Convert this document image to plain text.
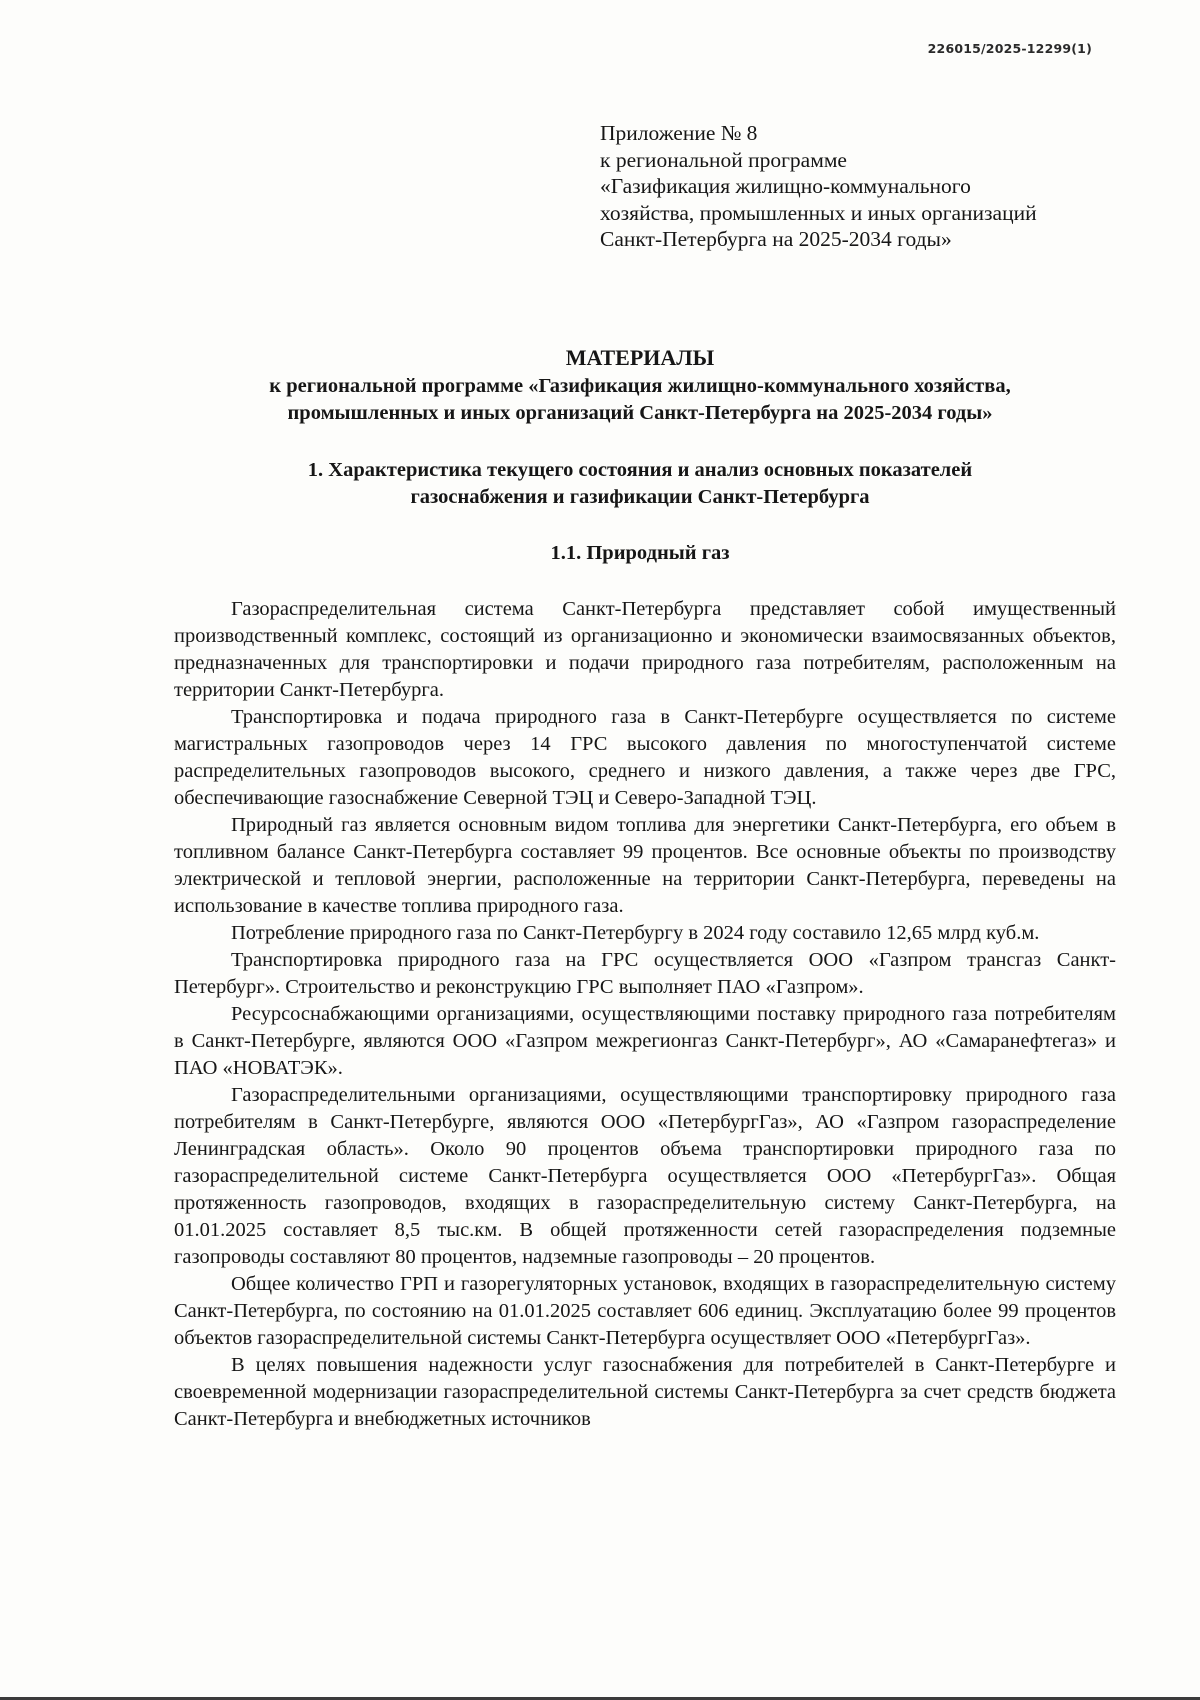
226015/2025-12299(1)
Приложение № 8
к региональной программе
«Газификация жилищно-коммунального
хозяйства, промышленных и иных организаций
Санкт-Петербурга на 2025-2034 годы»
МАТЕРИАЛЫ
к региональной программе «Газификация жилищно-коммунального хозяйства,
промышленных и иных организаций Санкт-Петербурга на 2025-2034 годы»
1. Характеристика текущего состояния и анализ основных показателей
газоснабжения и газификации Санкт-Петербурга
1.1. Природный газ

Газораспределительная система Санкт-Петербурга представляет собой имущественный производственный комплекс, состоящий из организационно и экономически взаимосвязанных объектов, предназначенных для транспортировки и подачи природного газа потребителям, расположенным на территории Санкт-Петербурга.

Транспортировка и подача природного газа в Санкт-Петербурге осуществляется по системе магистральных газопроводов через 14 ГРС высокого давления по многоступенчатой системе распределительных газопроводов высокого, среднего и низкого давления, а также через две ГРС, обеспечивающие газоснабжение Северной ТЭЦ и Северо-Западной ТЭЦ.

Природный газ является основным видом топлива для энергетики Санкт-Петербурга, его объем в топливном балансе Санкт-Петербурга составляет 99 процентов. Все основные объекты по производству электрической и тепловой энергии, расположенные на территории Санкт-Петербурга, переведены на использование в качестве топлива природного газа.

Потребление природного газа по Санкт-Петербургу в 2024 году составило 12,65 млрд куб.м.

Транспортировка природного газа на ГРС осуществляется ООО «Газпром трансгаз Санкт-Петербург». Строительство и реконструкцию ГРС выполняет ПАО «Газпром».

Ресурсоснабжающими организациями, осуществляющими поставку природного газа потребителям в Санкт-Петербурге, являются ООО «Газпром межрегионгаз Санкт-Петербург», АО «Самаранефтегаз» и ПАО «НОВАТЭК».

Газораспределительными организациями, осуществляющими транспортировку природного газа потребителям в Санкт-Петербурге, являются ООО «ПетербургГаз», АО «Газпром газораспределение Ленинградская область». Около 90 процентов объема транспортировки природного газа по газораспределительной системе Санкт-Петербурга осуществляется ООО «ПетербургГаз». Общая протяженность газопроводов, входящих в газораспределительную систему Санкт-Петербурга, на 01.01.2025 составляет 8,5 тыс.км. В общей протяженности сетей газораспределения подземные газопроводы составляют 80 процентов, надземные газопроводы – 20 процентов.

Общее количество ГРП и газорегуляторных установок, входящих в газораспределительную систему Санкт-Петербурга, по состоянию на 01.01.2025 составляет 606 единиц. Эксплуатацию более 99 процентов объектов газораспределительной системы Санкт-Петербурга осуществляет ООО «ПетербургГаз».

В целях повышения надежности услуг газоснабжения для потребителей в Санкт-Петербурге и своевременной модернизации газораспределительной системы Санкт-Петербурга за счет средств бюджета Санкт-Петербурга и внебюджетных источников
